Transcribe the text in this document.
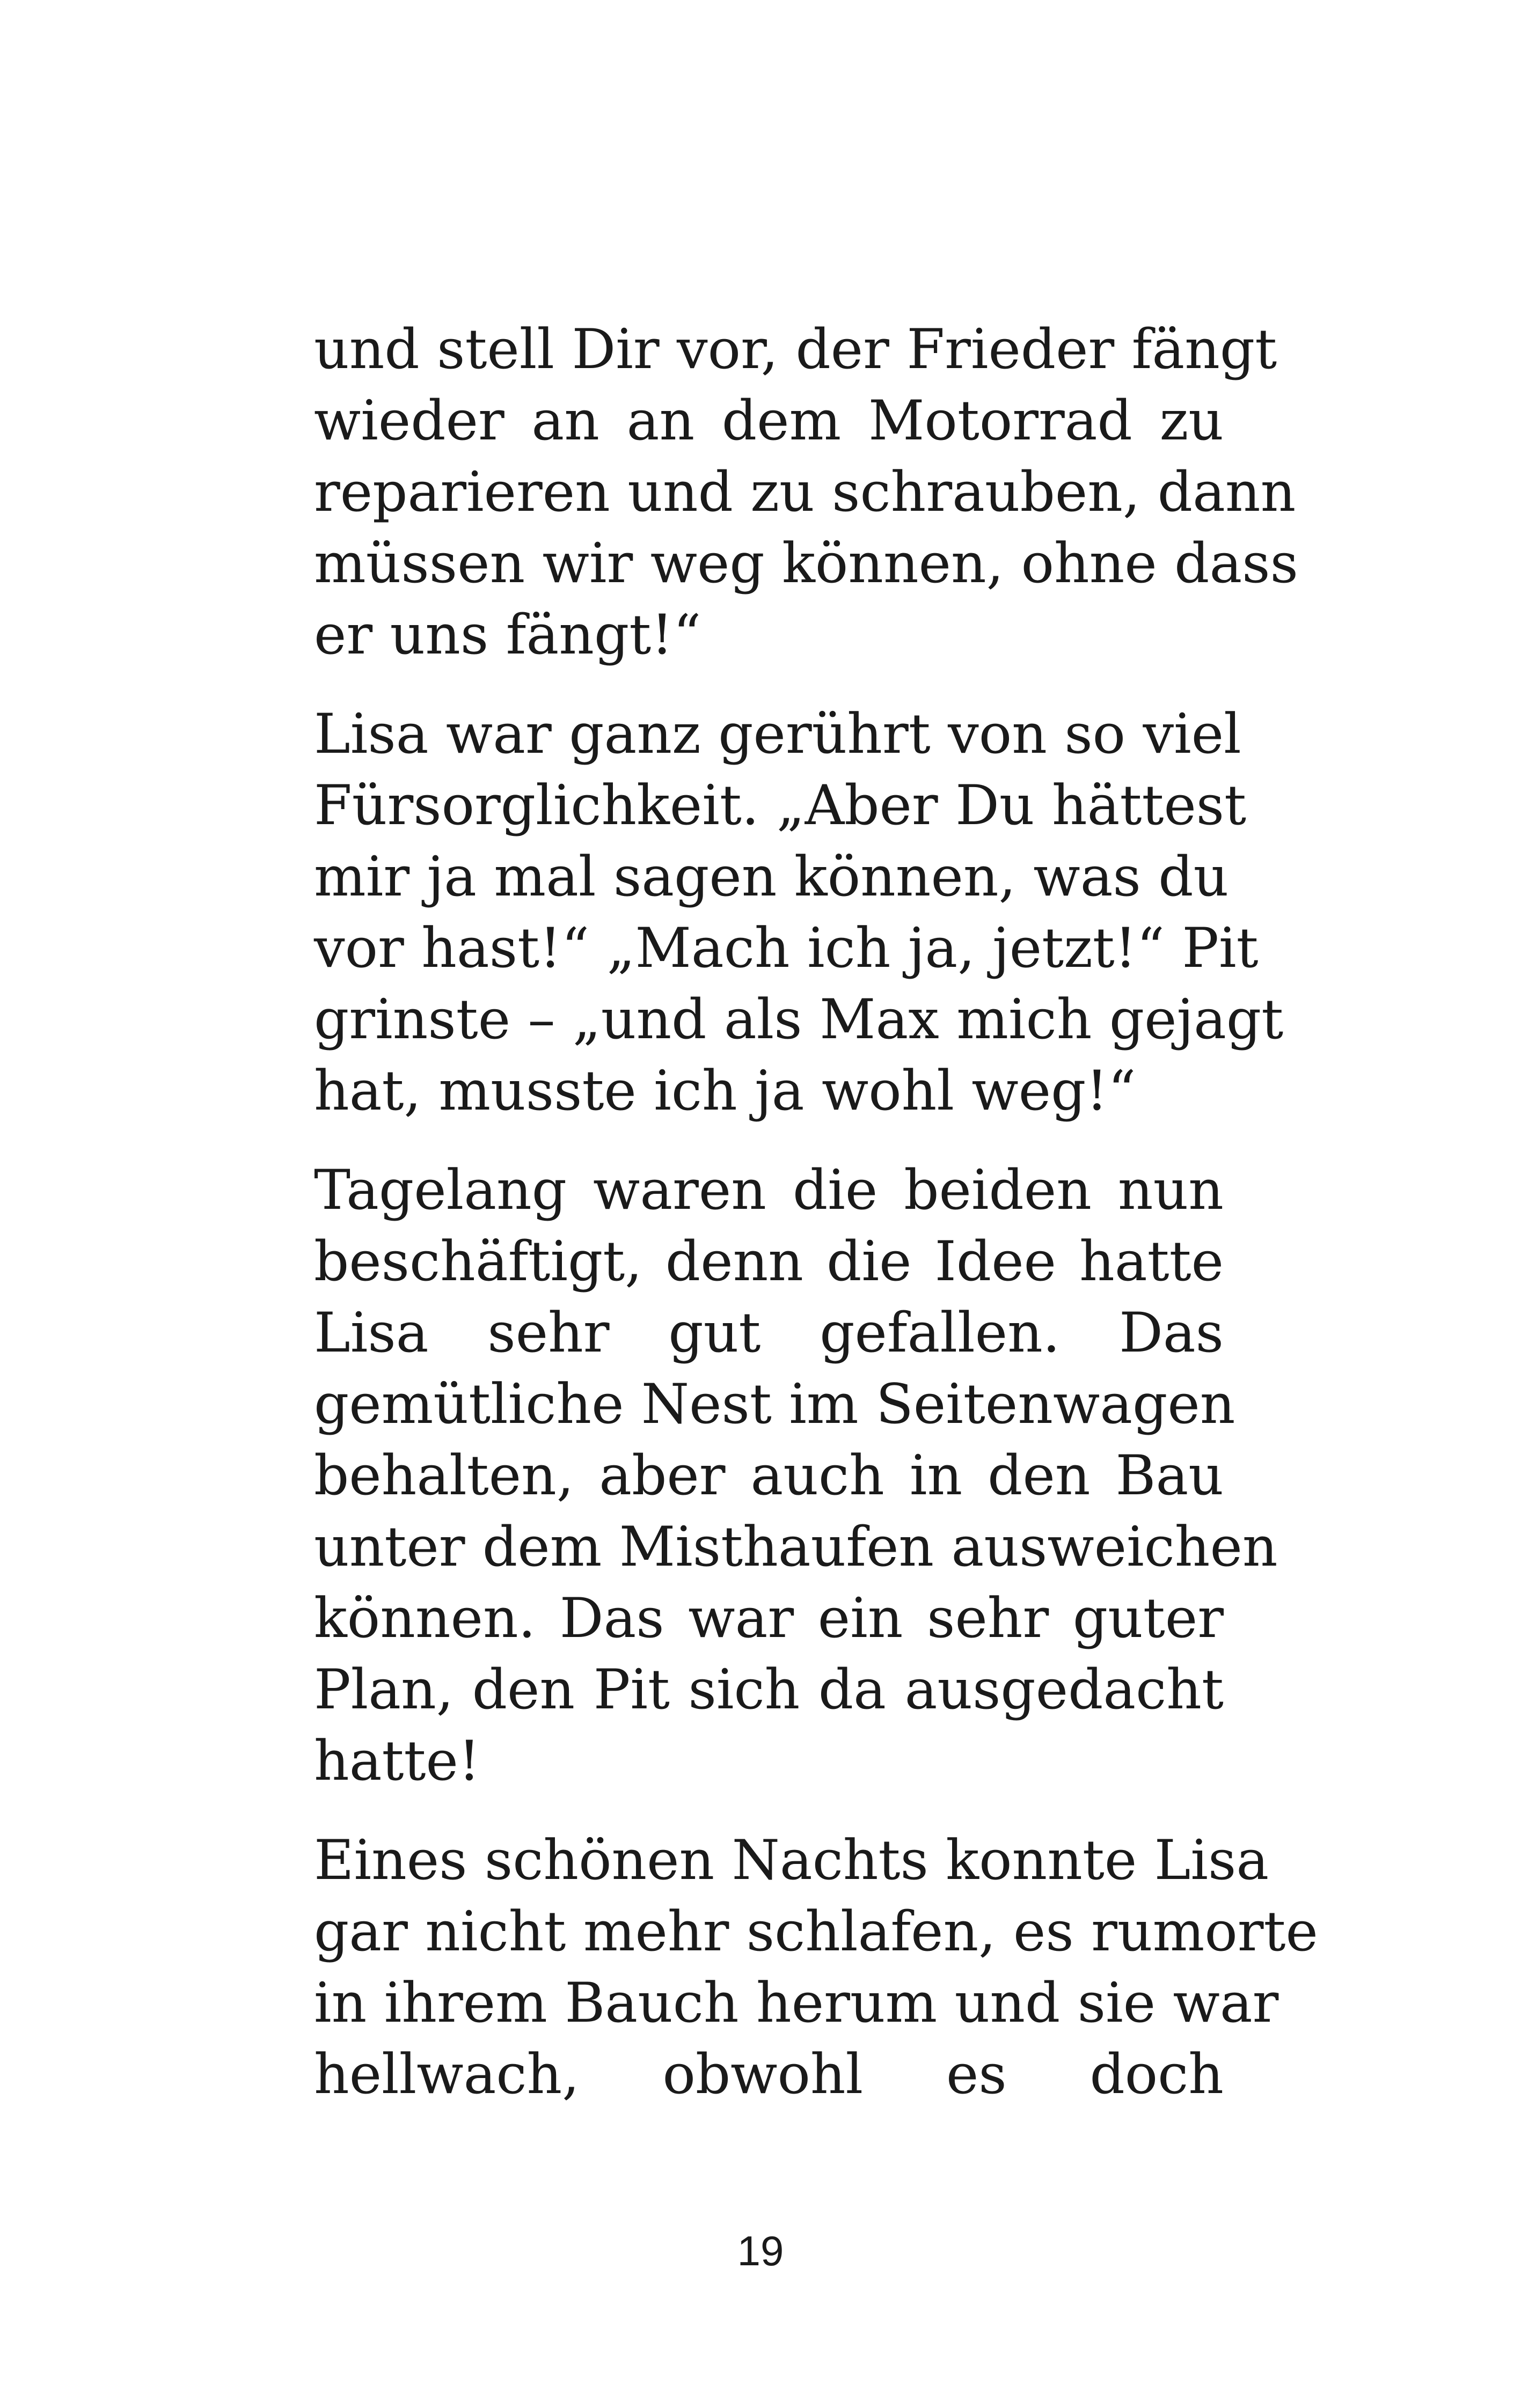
und stell Dir vor, der Frieder fängt
wieder an an dem Motorrad zu
reparieren und zu schrauben, dann
müssen wir weg können, ohne dass
er uns fängt!“

Lisa war ganz gerührt von so viel
Fürsorglichkeit. „Aber Du hättest
mir ja mal sagen können, was du
vor hast!“ „Mach ich ja, jetzt!“ Pit
grinste – „und als Max mich gejagt
hat, musste ich ja wohl weg!“

Tagelang waren die beiden nun
beschäftigt, denn die Idee hatte
Lisa sehr gut gefallen. Das
gemütliche Nest im Seitenwagen
behalten, aber auch in den Bau
unter dem Misthaufen ausweichen
können. Das war ein sehr guter
Plan, den Pit sich da ausgedacht
hatte!

Eines schönen Nachts konnte Lisa
gar nicht mehr schlafen, es rumorte
in ihrem Bauch herum und sie war
hellwach, obwohl es doch

19
